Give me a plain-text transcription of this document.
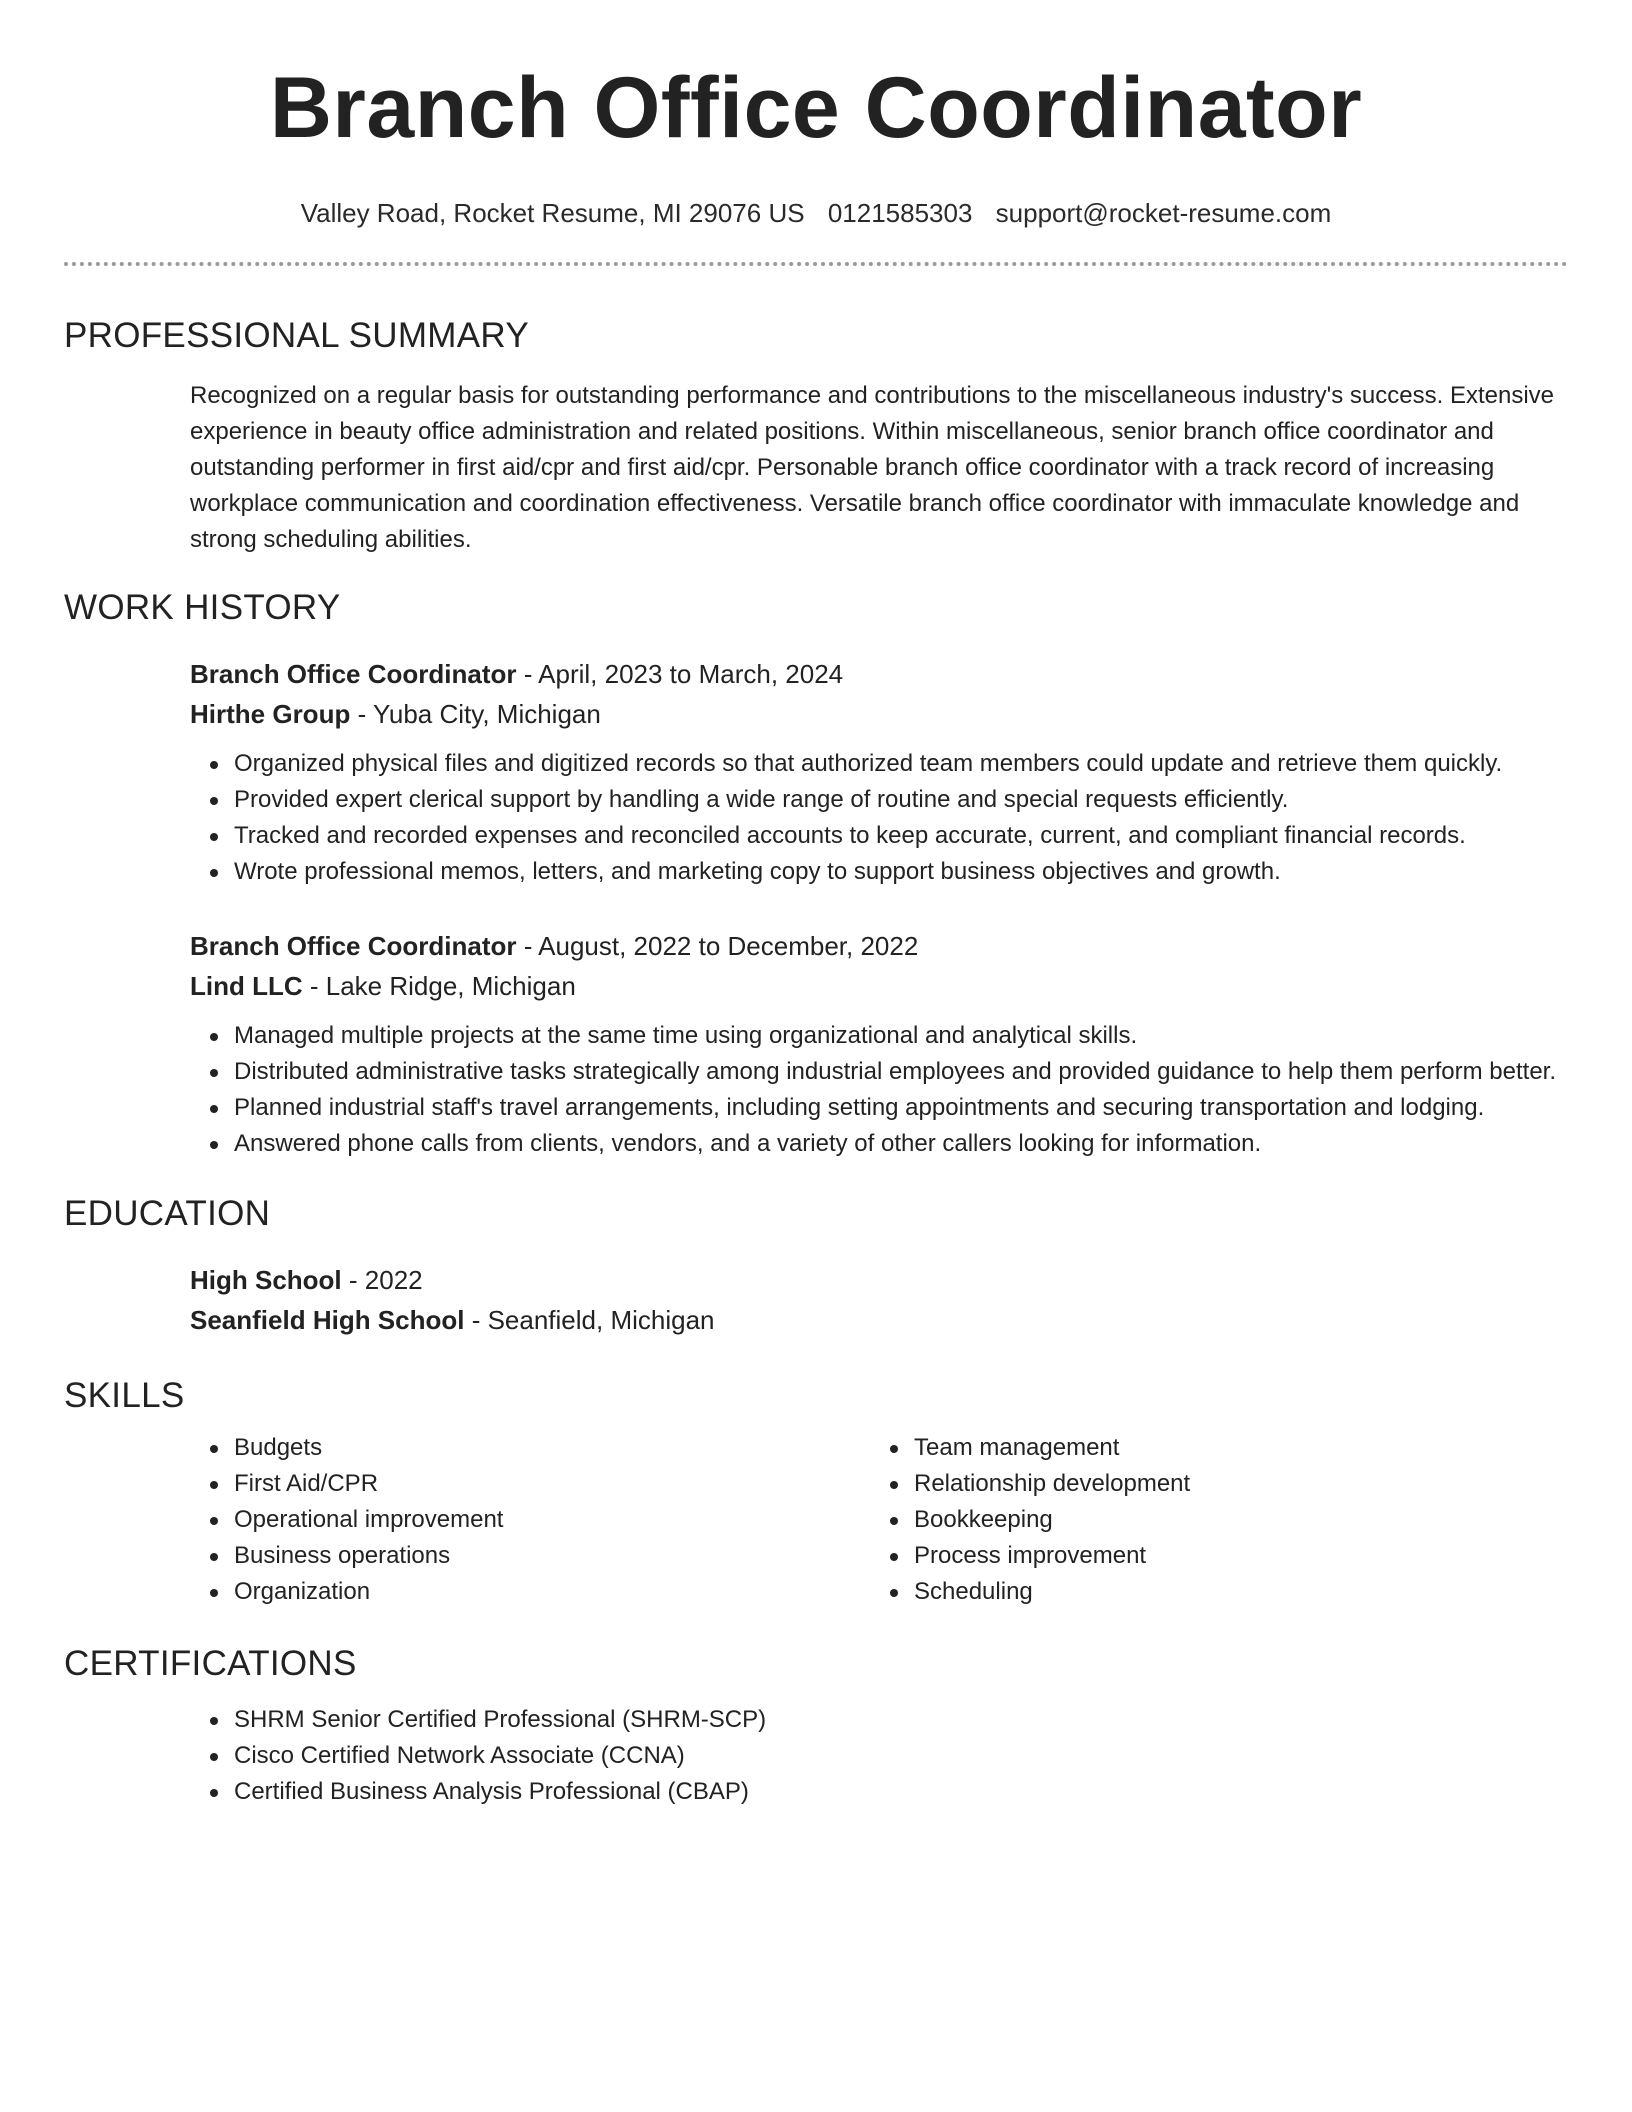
Branch Office Coordinator
Valley Road, Rocket Resume, MI 29076 US 0121585303 support@rocket-resume.com
PROFESSIONAL SUMMARY
Recognized on a regular basis for outstanding performance and contributions to the miscellaneous industry's success. Extensive experience in beauty office administration and related positions. Within miscellaneous, senior branch office coordinator and outstanding performer in first aid/cpr and first aid/cpr. Personable branch office coordinator with a track record of increasing workplace communication and coordination effectiveness. Versatile branch office coordinator with immaculate knowledge and strong scheduling abilities.
WORK HISTORY
Branch Office Coordinator - April, 2023 to March, 2024
Hirthe Group - Yuba City, Michigan
Organized physical files and digitized records so that authorized team members could update and retrieve them quickly.
Provided expert clerical support by handling a wide range of routine and special requests efficiently.
Tracked and recorded expenses and reconciled accounts to keep accurate, current, and compliant financial records.
Wrote professional memos, letters, and marketing copy to support business objectives and growth.
Branch Office Coordinator - August, 2022 to December, 2022
Lind LLC - Lake Ridge, Michigan
Managed multiple projects at the same time using organizational and analytical skills.
Distributed administrative tasks strategically among industrial employees and provided guidance to help them perform better.
Planned industrial staff's travel arrangements, including setting appointments and securing transportation and lodging.
Answered phone calls from clients, vendors, and a variety of other callers looking for information.
EDUCATION
High School - 2022
Seanfield High School - Seanfield, Michigan
SKILLS
Budgets
First Aid/CPR
Operational improvement
Business operations
Organization
Team management
Relationship development
Bookkeeping
Process improvement
Scheduling
CERTIFICATIONS
SHRM Senior Certified Professional (SHRM-SCP)
Cisco Certified Network Associate (CCNA)
Certified Business Analysis Professional (CBAP)
